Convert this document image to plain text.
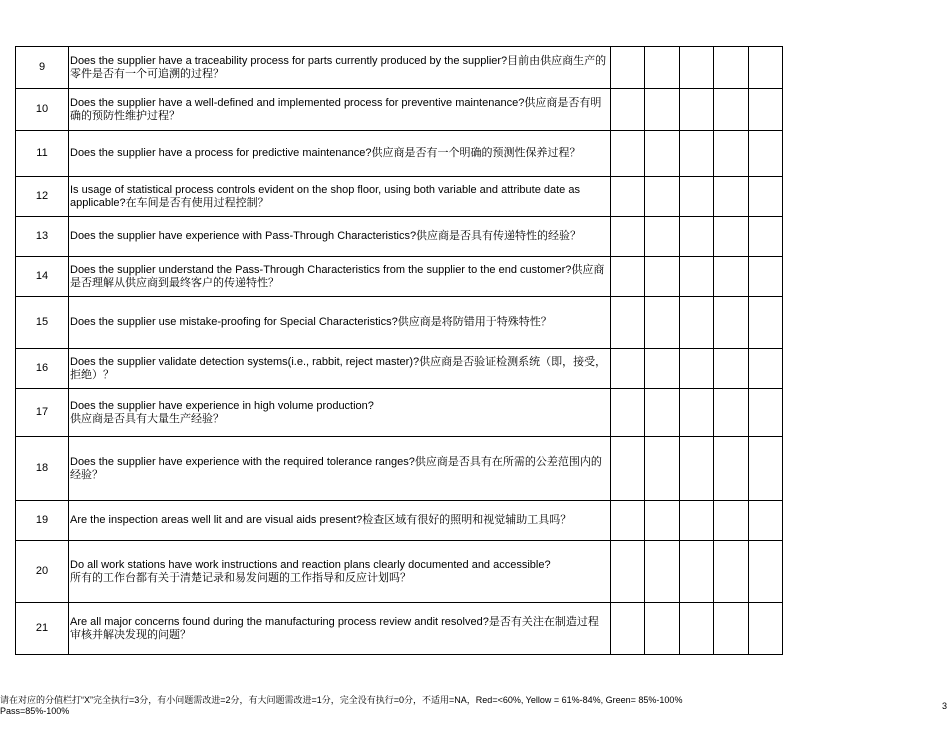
9	Does the supplier have a traceability process for parts currently produced by the supplier?目前由供应商生产的零件是否有一个可追溯的过程？					
10	Does the supplier have a well-defined and implemented process for preventive maintenance?供应商是否有明确的预防性维护过程？					
11	Does the supplier have a process for predictive maintenance?供应商是否有一个明确的预测性保养过程？					
12	Is usage of statistical process controls evident on the shop floor, using both variable and attribute date as applicable?在车间是否有使用过程控制？					
13	Does the supplier have experience with Pass-Through Characteristics?供应商是否具有传递特性的经验？					
14	Does the supplier understand the Pass-Through Characteristics from the supplier to the end customer?供应商是否理解从供应商到最终客户的传递特性？					
15	Does the supplier use mistake-proofing for Special Characteristics?供应商是将防错用于特殊特性？					
16	Does the supplier validate detection systems(i.e., rabbit, reject master)?供应商是否验证检测系统（即，接受，拒绝）？					
17	Does the supplier have experience in high volume production?
供应商是否具有大量生产经验？					
18	Does the supplier have experience with the required tolerance ranges?供应商是否具有在所需的公差范围内的经验？					
19	Are the inspection areas well lit and are visual aids present?检查区域有很好的照明和视觉辅助工具吗？					
20	Do all work stations have work instructions and reaction plans clearly documented and accessible?
所有的工作台都有关于清楚记录和易发问题的工作指导和反应计划吗？					
21	Are all major concerns found during the manufacturing process review andit resolved?是否有关注在制造过程审核并解决发现的问题？					
请在对应的分值栏打“X”完全执行=3分，有小问题需改进=2分，有大问题需改进=1分，完全没有执行=0分，不适用=NA，Red=<60%, Yellow = 61%-84%, Green= 85%-100%
Pass=85%-100%	3
